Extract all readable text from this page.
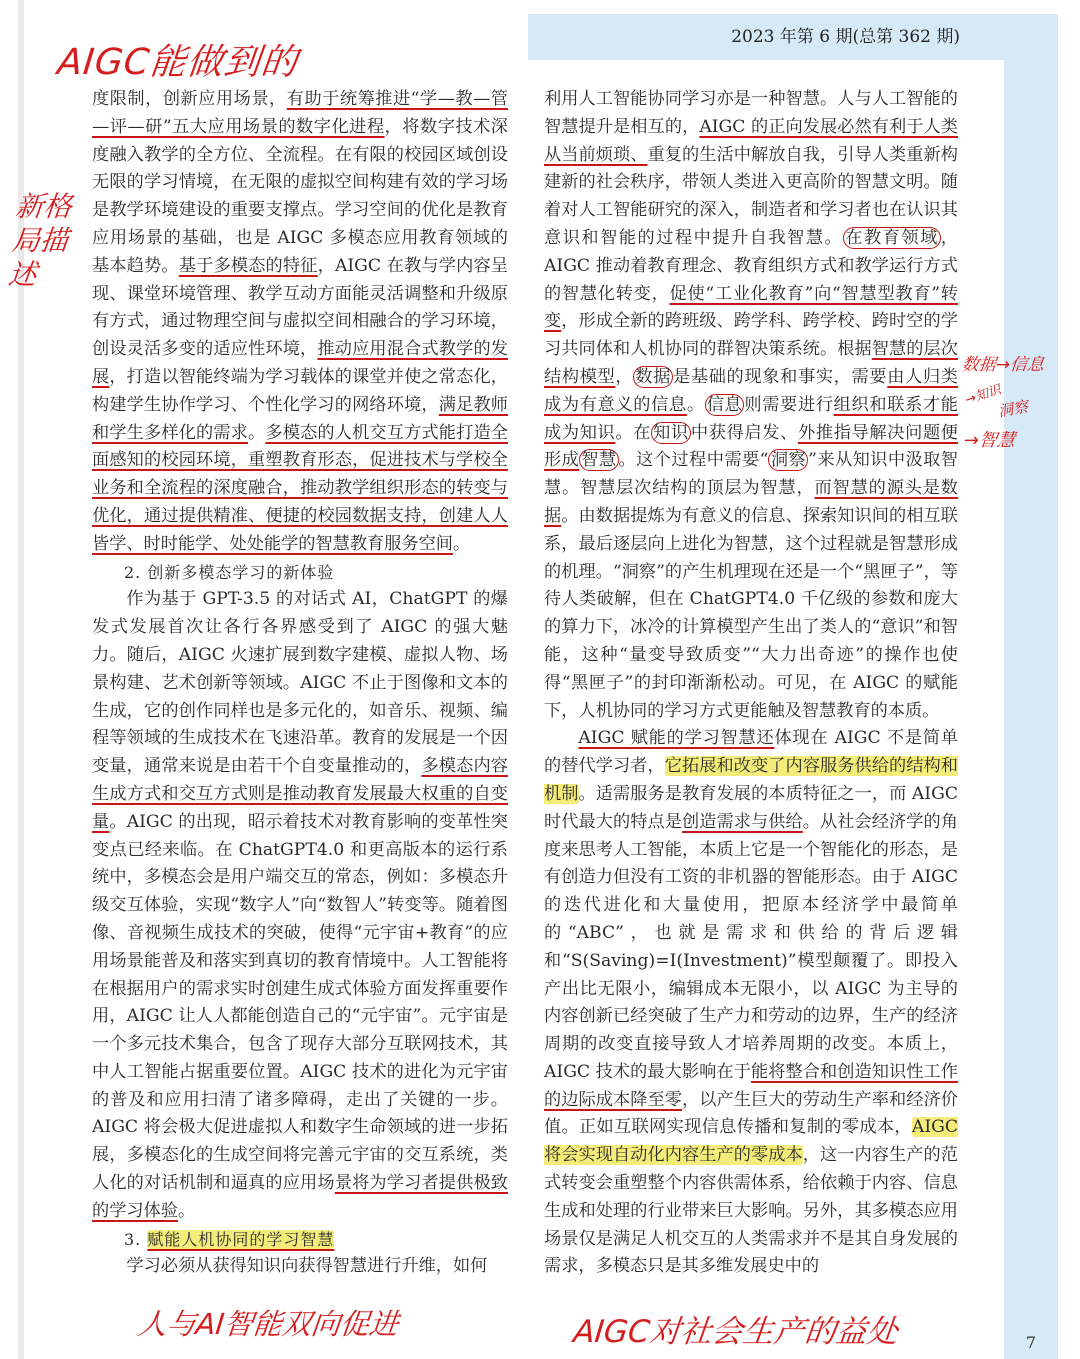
2023 年第 6 期(总第 362 期)
7
AIGC能做到的
新格局描述
人与AI智能双向促进	AIGC对社会生产的益处
数据→信息
→知识
洞察
→智慧

度限制，创新应用场景，有助于统筹推进“学—教—管—评—研”五大应用场景的数字化进程，将数字技术深度融入教学的全方位、全流程。在有限的校园区域创设无限的学习情境，在无限的虚拟空间构建有效的学习场是教学环境建设的重要支撑点。学习空间的优化是教育应用场景的基础，也是 AIGC 多模态应用教育领域的基本趋势。基于多模态的特征，AIGC 在教与学内容呈现、课堂环境管理、教学互动方面能灵活调整和升级原有方式，通过物理空间与虚拟空间相融合的学习环境，创设灵活多变的适应性环境，推动应用混合式教学的发展，打造以智能终端为学习载体的课堂并使之常态化，构建学生协作学习、个性化学习的网络环境，满足教师和学生多样化的需求。多模态的人机交互方式能打造全面感知的校园环境，重塑教育形态，促进技术与学校全业务和全流程的深度融合，推动教学组织形态的转变与优化，通过提供精准、便捷的校园数据支持，创建人人皆学、时时能学、处处能学的智慧教育服务空间。

2. 创新多模态学习的新体验

作为基于 GPT-3.5 的对话式 AI，ChatGPT 的爆发式发展首次让各行各界感受到了 AIGC 的强大魅力。随后，AIGC 火速扩展到数字建模、虚拟人物、场景构建、艺术创新等领域。AIGC 不止于图像和文本的生成，它的创作同样也是多元化的，如音乐、视频、编程等领域的生成技术在飞速沿革。教育的发展是一个因变量，通常来说是由若干个自变量推动的，多模态内容生成方式和交互方式则是推动教育发展最大权重的自变量。AIGC 的出现，昭示着技术对教育影响的变革性突变点已经来临。在 ChatGPT4.0 和更高版本的运行系统中，多模态会是用户端交互的常态，例如：多模态升级交互体验，实现“数字人”向“数智人”转变等。随着图像、音视频生成技术的突破，使得“元宇宙+教育”的应用场景能普及和落实到真切的教育情境中。人工智能将在根据用户的需求实时创建生成式体验方面发挥重要作用，AIGC 让人人都能创造自己的“元宇宙”。元宇宙是一个多元技术集合，包含了现存大部分互联网技术，其中人工智能占据重要位置。AIGC 技术的进化为元宇宙的普及和应用扫清了诸多障碍，走出了关键的一步。AIGC 将会极大促进虚拟人和数字生命领域的进一步拓展，多模态化的生成空间将完善元宇宙的交互系统，类人化的对话机制和逼真的应用场景将为学习者提供极致的学习体验。

3. 赋能人机协同的学习智慧

学习必须从获得知识向获得智慧进行升维，如何

利用人工智能协同学习亦是一种智慧。人与人工智能的智慧提升是相互的，AIGC 的正向发展必然有利于人类从当前烦琐、重复的生活中解放自我，引导人类重新构建新的社会秩序，带领人类进入更高阶的智慧文明。随着对人工智能研究的深入，制造者和学习者也在认识其意识和智能的过程中提升自我智慧。 在教育领域 ，AIGC 推动着教育理念、教育组织方式和教学运行方式的智慧化转变，促使“工业化教育”向“智慧型教育”转变，形成全新的跨班级、跨学科、跨学校、跨时空的学习共同体和人机协同的群智决策系统。根据智慧的层次结构模型， 数据 是基础的现象和事实，需要由人归类成为有意义的信息。 信息 则需要进行组织和联系才能成为知识。在 知识 中获得启发、外推指导解决问题便形成 智慧 。这个过程中需要“ 洞察 ”来从知识中汲取智慧。智慧层次结构的顶层为智慧，而智慧的源头是数据。由数据提炼为有意义的信息、探索知识间的相互联系，最后逐层向上进化为智慧，这个过程就是智慧形成的机理。“洞察”的产生机理现在还是一个“黑匣子”，等待人类破解，但在 ChatGPT4.0 千亿级的参数和庞大的算力下，冰冷的计算模型产生出了类人的“意识”和智能，这种“量变导致质变”“大力出奇迹”的操作也使得“黑匣子”的封印渐渐松动。可见，在 AIGC 的赋能下，人机协同的学习方式更能触及智慧教育的本质。

AIGC 赋能的学习智慧还体现在 AIGC 不是简单的替代学习者，它拓展和改变了内容服务供给的结构和机制。适需服务是教育发展的本质特征之一，而 AIGC 时代最大的特点是创造需求与供给。从社会经济学的角度来思考人工智能，本质上它是一个智能化的形态，是有创造力但没有工资的非机器的智能形态。由于 AIGC 的迭代进化和大量使用，把原本经济学中最简单的“ABC”，也就是需求和供给的背后逻辑和“S(Saving)=I(Investment)”模型颠覆了。即投入产出比无限小，编辑成本无限小，以 AIGC 为主导的内容创新已经突破了生产力和劳动的边界，生产的经济周期的改变直接导致人才培养周期的改变。本质上，AIGC 技术的最大影响在于能将整合和创造知识性工作的边际成本降至零，以产生巨大的劳动生产率和经济价值。正如互联网实现信息传播和复制的零成本，AIGC 将会实现自动化内容生产的零成本，这一内容生产的范式转变会重塑整个内容供需体系，给依赖于内容、信息生成和处理的行业带来巨大影响。另外，其多模态应用场景仅是满足人机交互的人类需求并不是其自身发展的需求，多模态只是其多维发展史中的
